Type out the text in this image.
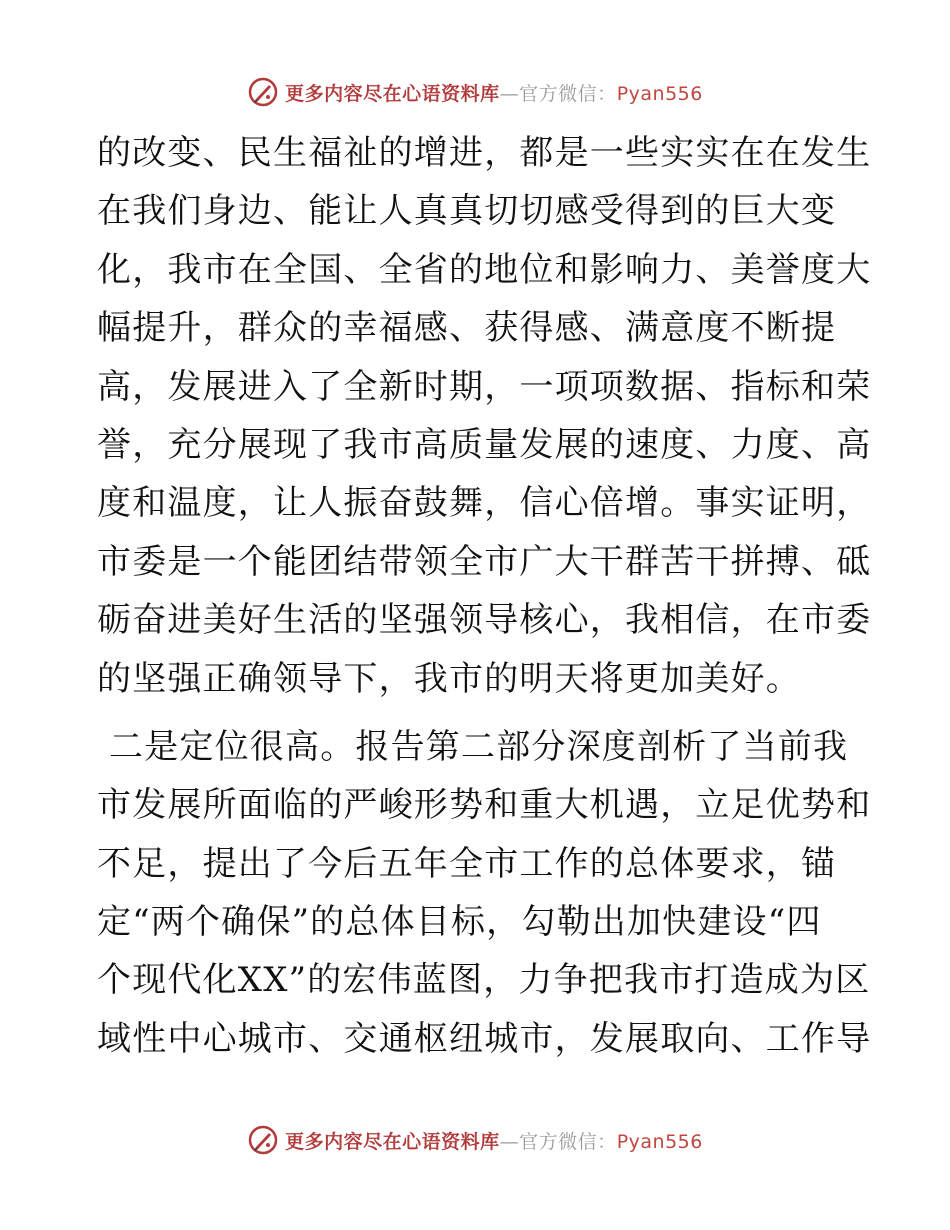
更多内容尽在心语资料库—官方微信：Pyan556
的改变、民生福祉的增进，都是一些实实在在发生
在我们身边、能让人真真切切感受得到的巨大变
化，我市在全国、全省的地位和影响力、美誉度大
幅提升，群众的幸福感、获得感、满意度不断提
高，发展进入了全新时期，一项项数据、指标和荣
誉，充分展现了我市高质量发展的速度、力度、高
度和温度，让人振奋鼓舞，信心倍增。事实证明，
市委是一个能团结带领全市广大干群苦干拼搏、砥
砺奋进美好生活的坚强领导核心，我相信，在市委
的坚强正确领导下，我市的明天将更加美好。
二是定位很高。报告第二部分深度剖析了当前我
市发展所面临的严峻形势和重大机遇，立足优势和
不足，提出了今后五年全市工作的总体要求，锚
定“两个确保”的总体目标，勾勒出加快建设“四
个现代化XX”的宏伟蓝图，力争把我市打造成为区
域性中心城市、交通枢纽城市，发展取向、工作导
更多内容尽在心语资料库—官方微信：Pyan556
